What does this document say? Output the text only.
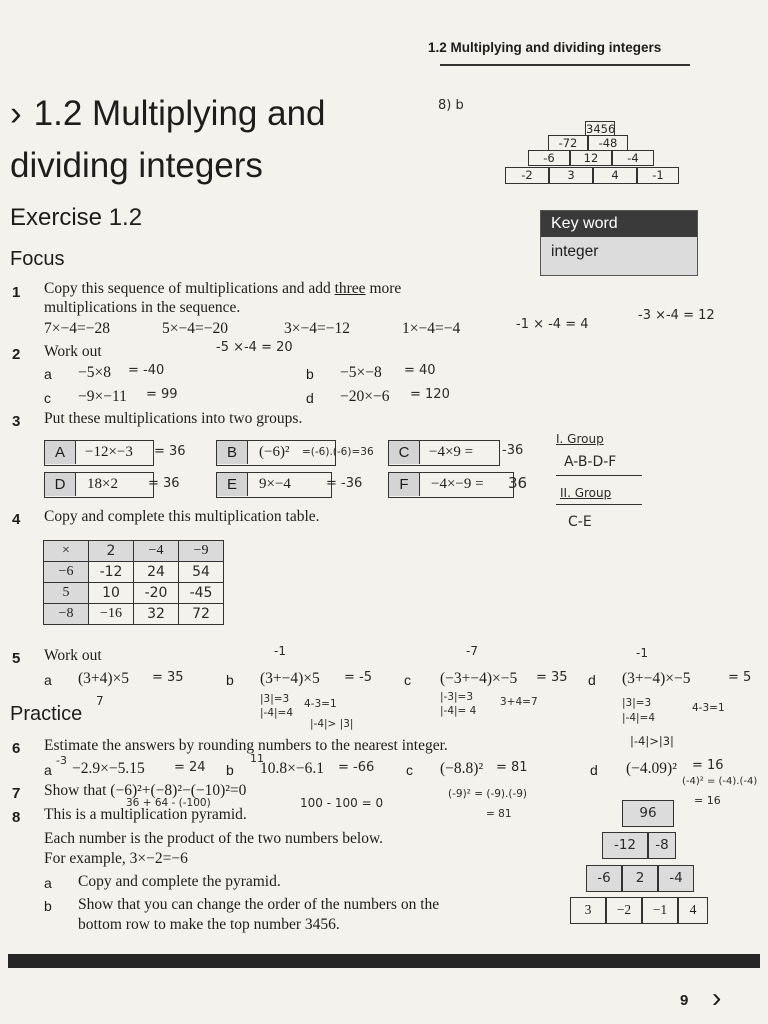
1.2 Multiplying and dividing integers
› 1.2 Multiplying and
dividing integers
Exercise 1.2
Focus
Key word
integer
8) b
3456
-72	-48
-6	12	-4
-2	3	4	-1
1 Copy this sequence of multiplications and add three more
multiplications in the sequence.
7×−4=−28	5×−4=−20	3×−4=−12	1×−4=−4	-1 × -4 = 4
-3 ×-4 = 12
-5 ×-4 = 20
2 Work out
a −5×8 = -40	b −5×−8 = 40
c −9×−11 = 99	d −20×−6 = 120
3 Put these multiplications into two groups.
A	−12×−3 = 36	B	(−6)² =(-6).(-6)=36	C	−4×9 = -36
D	18×2 = 36	E	9×−4	= -36	F	−4×−9 = 36
I. Group
A-B-D-F
II. Group
C-E
4 Copy and complete this multiplication table.
×	2	−4	−9
−6	-12	24	54
5	10	-20	-45
−8	−16	32	72
5 Work out
a (3+4)×5 = 35
7
b (3+−4)×5 = -5
-1
|3|=3
|-4|=4
4-3=1
|-4|> |3|
c (−3+−4)×−5 = 35
-7
|-3|=3
|-4|= 4
3+4=7
d (3+−4)×−5	= 5
-1
|3|=3
|-4|=4
4-3=1
|-4|>|3|
Practice
6 Estimate the answers by rounding numbers to the nearest integer.
a
-3 −2.9×−5.15 = 24 b
11
10.8×−6.1 = -66 c (−8.8)² = 81
(-9)² = (-9).(-9)
= 81
d (−4.09)² = 16
(-4)² = (-4).(-4)
= 16
7 Show that (−6)²+(−8)²−(−10)²=0
36 + 64 - (-100)	100 - 100 = 0
8 This is a multiplication pyramid.
Each number is the product of the two numbers below.
For example, 3×−2=−6
a Copy and complete the pyramid.
b Show that you can change the order of the numbers on the
bottom row to make the top number 3456.
96
-12	-8
-6	2	-4
3	−2	−1	4
9 ›
